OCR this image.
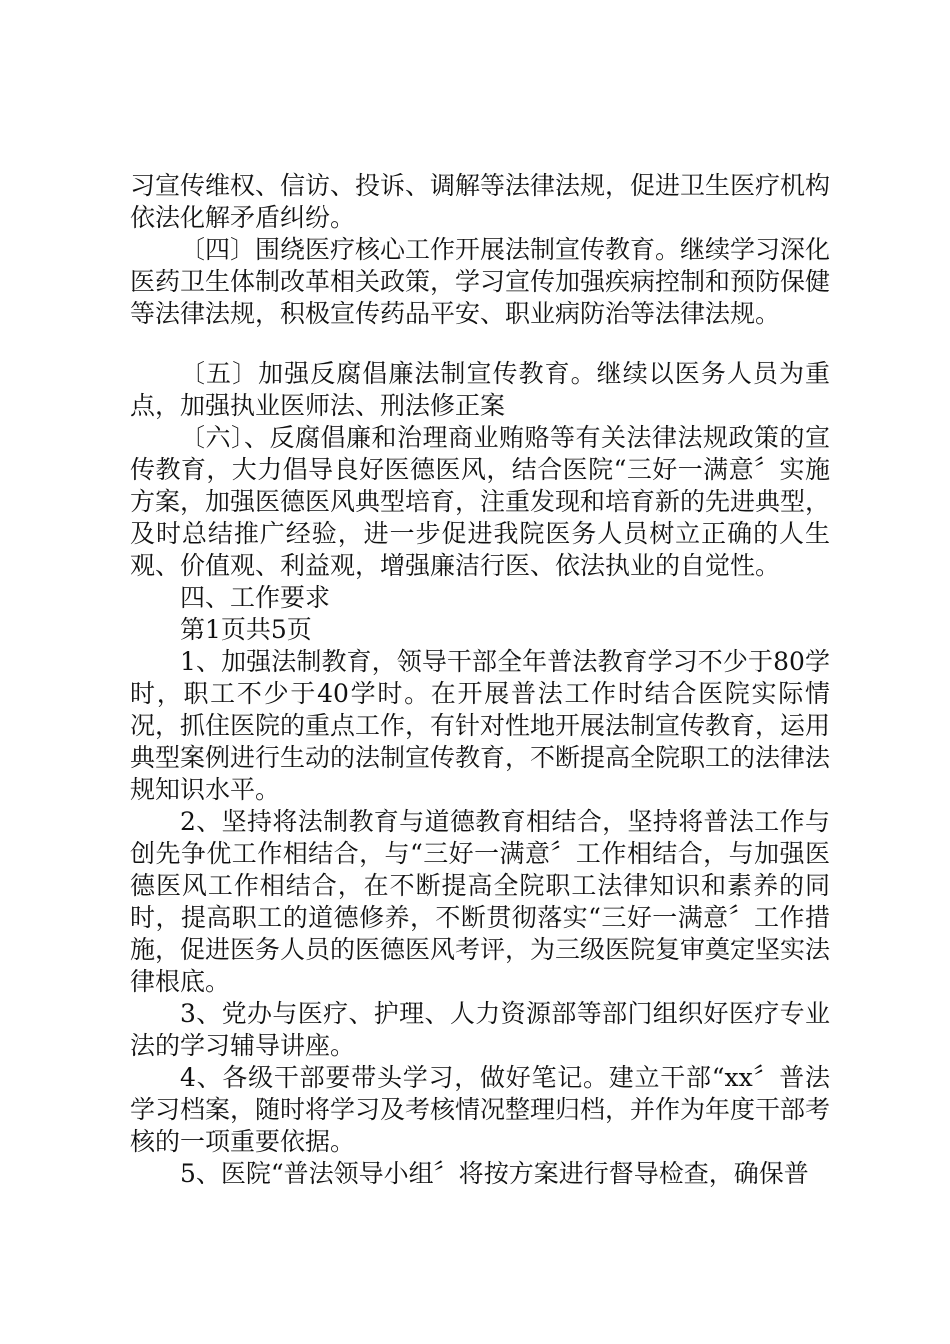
习宣传维权、信访、投诉、调解等法律法规，促进卫生医疗机构依法化解矛盾纠纷。

〔四〕围绕医疗核心工作开展法制宣传教育。继续学习深化医药卫生体制改革相关政策，学习宣传加强疾病控制和预防保健等法律法规，积极宣传药品平安、职业病防治等法律法规。

〔五〕加强反腐倡廉法制宣传教育。继续以医务人员为重点，加强执业医师法、刑法修正案

〔六〕、反腐倡廉和治理商业贿赂等有关法律法规政策的宣传教育，大力倡导良好医德医风，结合医院“三好一满意〞实施方案，加强医德医风典型培育，注重发现和培育新的先进典型，及时总结推广经验，进一步促进我院医务人员树立正确的人生观、价值观、利益观，增强廉洁行医、依法执业的自觉性。

四、工作要求

第1页共5页

1、加强法制教育，领导干部全年普法教育学习不少于80学时，职工不少于40学时。在开展普法工作时结合医院实际情况，抓住医院的重点工作，有针对性地开展法制宣传教育，运用典型案例进行生动的法制宣传教育，不断提高全院职工的法律法规知识水平。

2、坚持将法制教育与道德教育相结合，坚持将普法工作与创先争优工作相结合，与“三好一满意〞工作相结合，与加强医德医风工作相结合，在不断提高全院职工法律知识和素养的同时，提高职工的道德修养，不断贯彻落实“三好一满意〞工作措施，促进医务人员的医德医风考评，为三级医院复审奠定坚实法律根底。

3、党办与医疗、护理、人力资源部等部门组织好医疗专业法的学习辅导讲座。

4、各级干部要带头学习，做好笔记。建立干部“xx〞普法学习档案，随时将学习及考核情况整理归档，并作为年度干部考核的一项重要依据。

5、医院“普法领导小组〞将按方案进行督导检查，确保普
